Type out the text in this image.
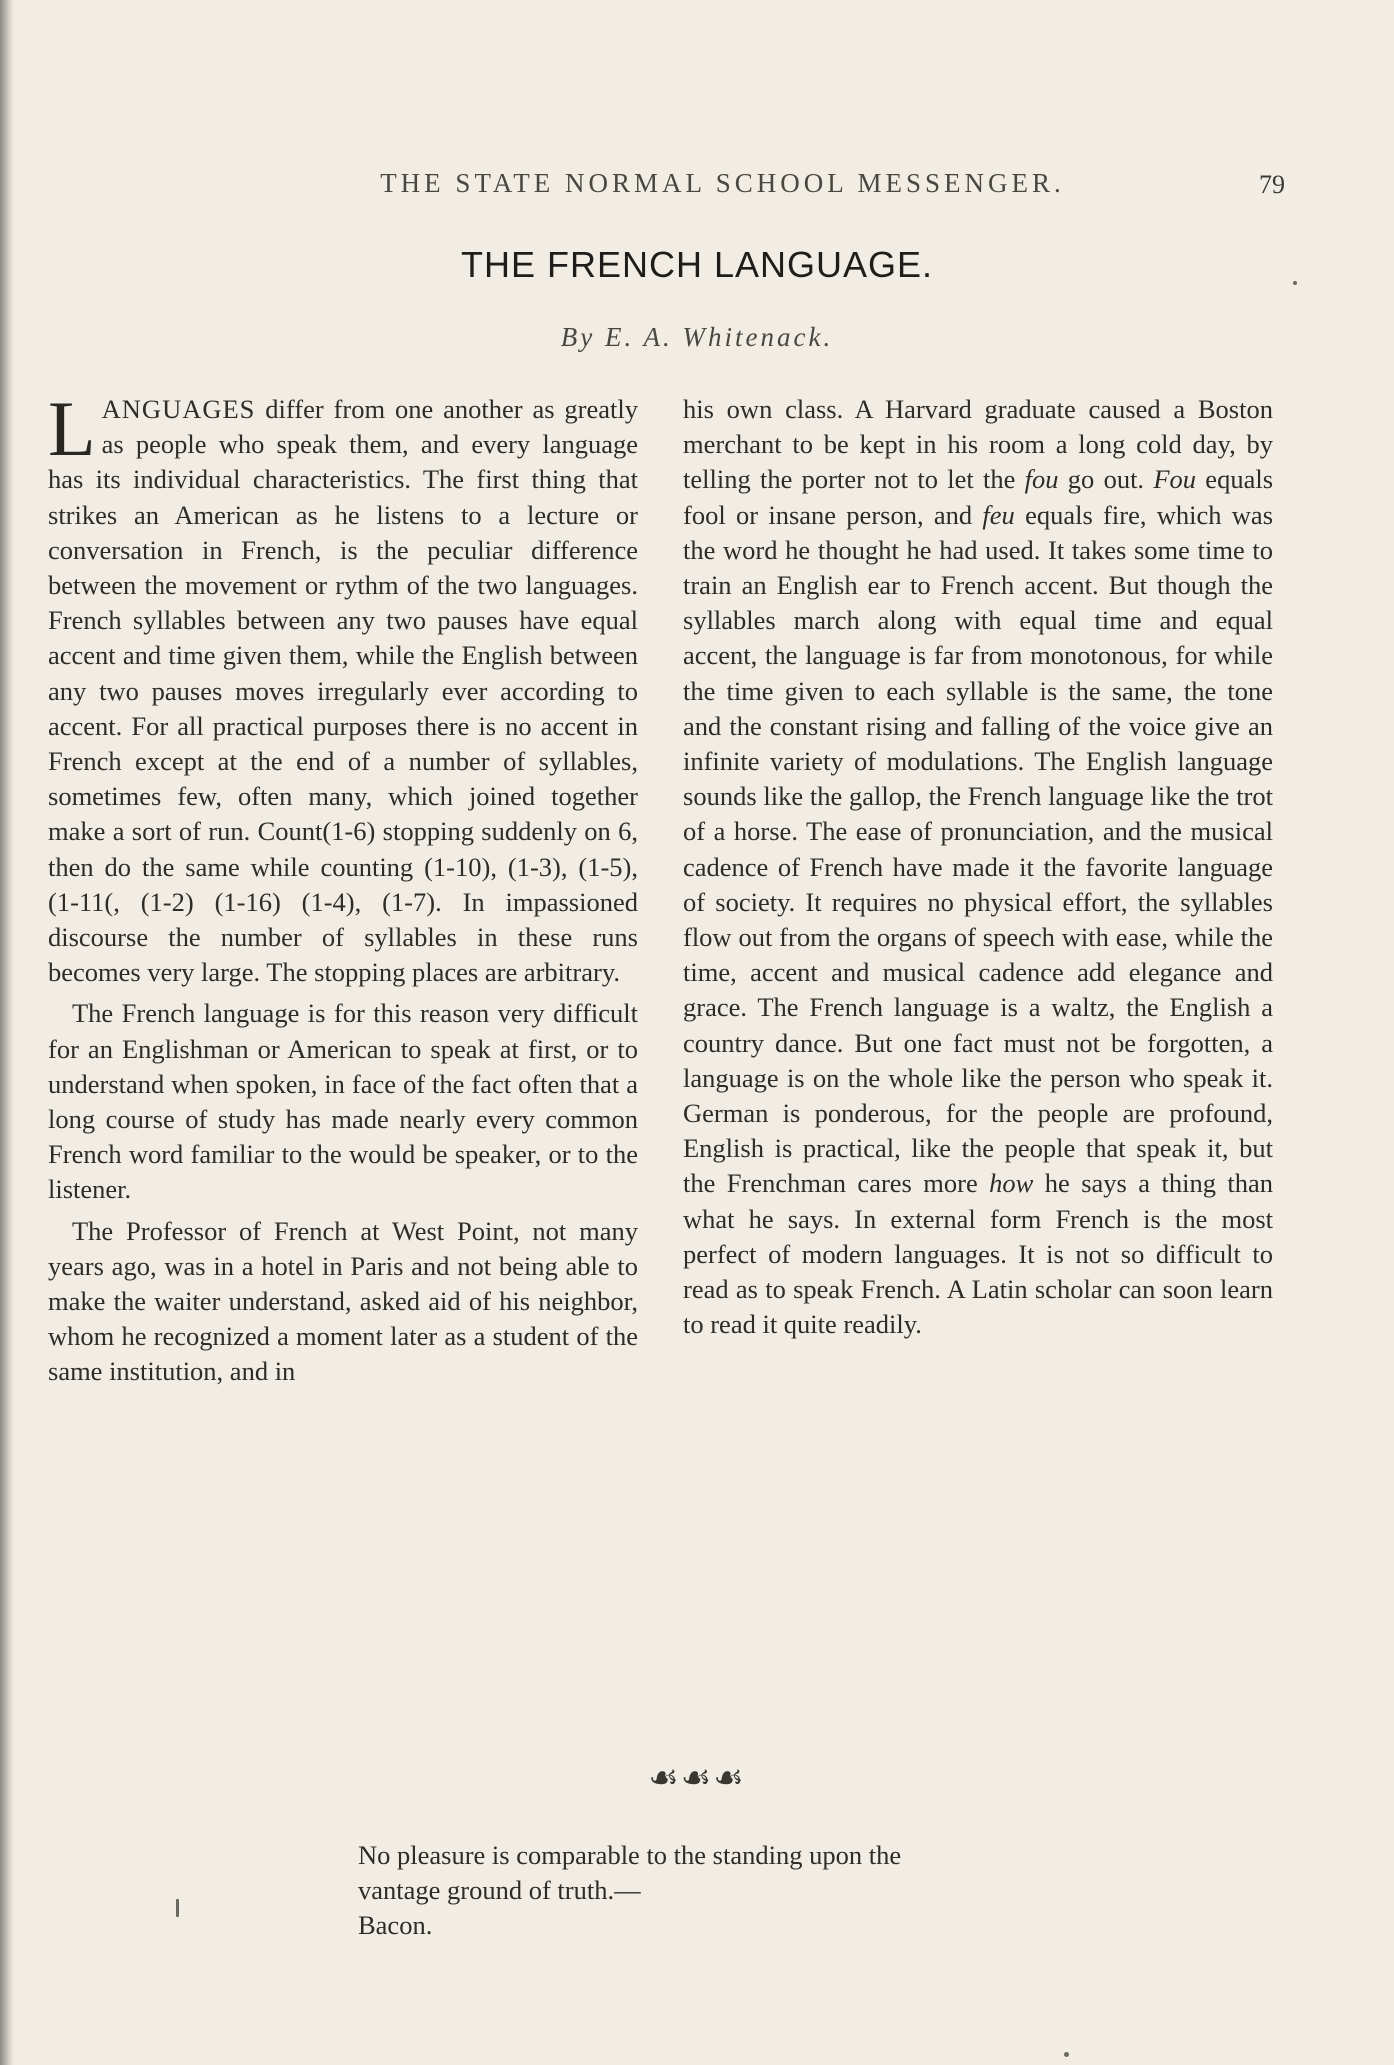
THE STATE NORMAL SCHOOL MESSENGER.	79
THE FRENCH LANGUAGE.
By E. A. Whitenack.

LANGUAGES differ from one another as greatly as people who speak them, and every language has its individual characteristics. The first thing that strikes an American as he listens to a lecture or conversation in French, is the peculiar difference between the movement or rythm of the two languages. French syllables between any two pauses have equal accent and time given them, while the English between any two pauses moves irregularly ever according to accent. For all practical purposes there is no accent in French except at the end of a number of syllables, sometimes few, often many, which joined together make a sort of run. Count(1-6) stopping suddenly on 6, then do the same while counting (1-10), (1-3), (1-5), (1-11(, (1-2) (1-16) (1-4), (1-7). In impassioned discourse the number of syllables in these runs becomes very large. The stopping places are arbitrary.

The French language is for this reason very difficult for an Englishman or American to speak at first, or to understand when spoken, in face of the fact often that a long course of study has made nearly every common French word familiar to the would be speaker, or to the listener.

The Professor of French at West Point, not many years ago, was in a hotel in Paris and not being able to make the waiter understand, asked aid of his neighbor, whom he recognized a moment later as a student of the same institution, and in

his own class. A Harvard graduate caused a Boston merchant to be kept in his room a long cold day, by telling the porter not to let the fou go out. Fou equals fool or insane person, and feu equals fire, which was the word he thought he had used. It takes some time to train an English ear to French accent. But though the syllables march along with equal time and equal accent, the language is far from monotonous, for while the time given to each syllable is the same, the tone and the constant rising and falling of the voice give an infinite variety of modulations. The English language sounds like the gallop, the French language like the trot of a horse. The ease of pronunciation, and the musical cadence of French have made it the favorite language of society. It requires no physical effort, the syllables flow out from the organs of speech with ease, while the time, accent and musical cadence add elegance and grace. The French language is a waltz, the English a country dance. But one fact must not be forgotten, a language is on the whole like the person who speak it. German is ponderous, for the people are profound, English is practical, like the people that speak it, but the Frenchman cares more how he says a thing than what he says. In external form French is the most perfect of modern languages. It is not so difficult to read as to speak French. A Latin scholar can soon learn to read it quite readily.

☙☙☙

No pleasure is comparable to the standing upon the vantage ground of truth.—

Bacon.
